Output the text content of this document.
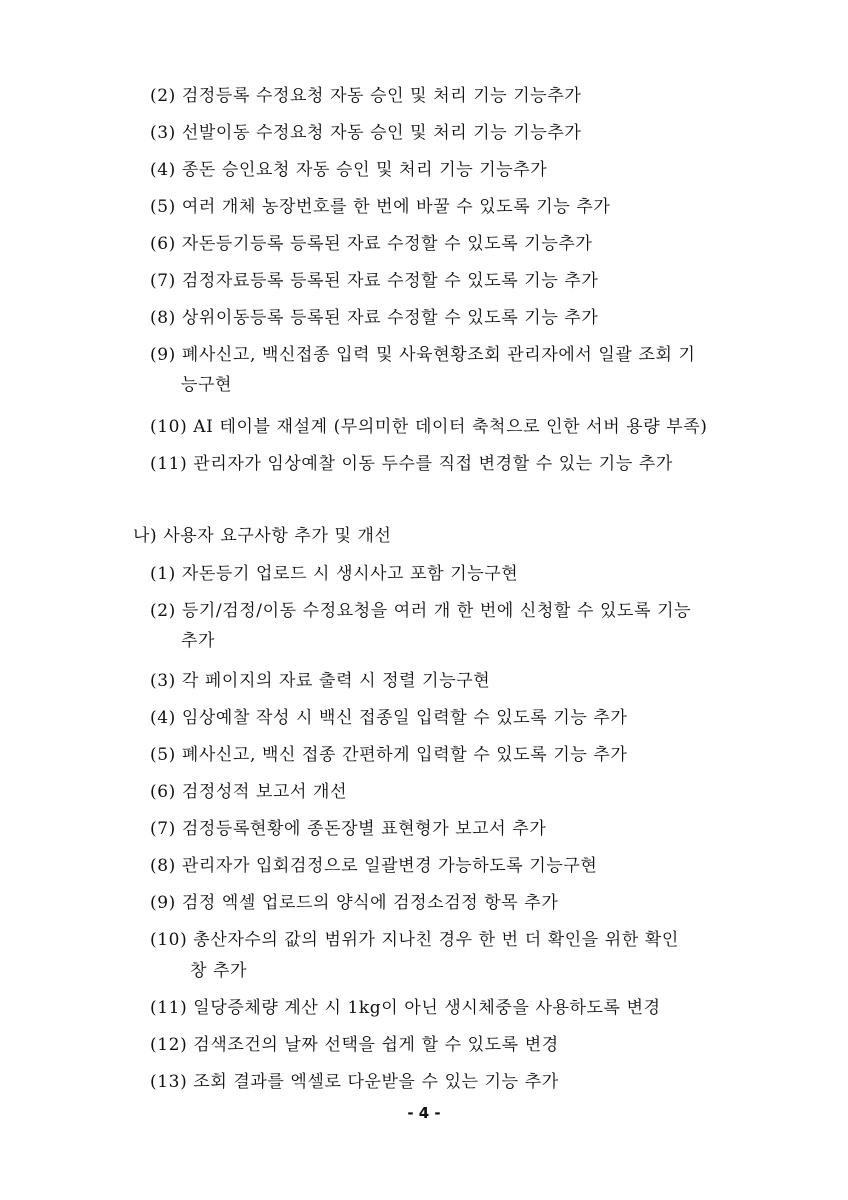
(2) 검정등록 수정요청 자동 승인 및 처리 기능 기능추가
(3) 선발이동 수정요청 자동 승인 및 처리 기능 기능추가
(4) 종돈 승인요청 자동 승인 및 처리 기능 기능추가
(5) 여러 개체 농장번호를 한 번에 바꿀 수 있도록 기능 추가
(6) 자돈등기등록 등록된 자료 수정할 수 있도록 기능추가
(7) 검정자료등록 등록된 자료 수정할 수 있도록 기능 추가
(8) 상위이동등록 등록된 자료 수정할 수 있도록 기능 추가
(9) 폐사신고, 백신접종 입력 및 사육현황조회 관리자에서 일괄 조회 기
능구현
(10) AI 테이블 재설계 (무의미한 데이터 축척으로 인한 서버 용량 부족)
(11) 관리자가 임상예찰 이동 두수를 직접 변경할 수 있는 기능 추가
나) 사용자 요구사항 추가 및 개선
(1) 자돈등기 업로드 시 생시사고 포함 기능구현
(2) 등기/검정/이동 수정요청을 여러 개 한 번에 신청할 수 있도록 기능
추가
(3) 각 페이지의 자료 출력 시 정렬 기능구현
(4) 임상예찰 작성 시 백신 접종일 입력할 수 있도록 기능 추가
(5) 폐사신고, 백신 접종 간편하게 입력할 수 있도록 기능 추가
(6) 검정성적 보고서 개선
(7) 검정등록현황에 종돈장별 표현형가 보고서 추가
(8) 관리자가 입회검정으로 일괄변경 가능하도록 기능구현
(9) 검정 엑셀 업로드의 양식에 검정소검정 항목 추가
(10) 총산자수의 값의 범위가 지나친 경우 한 번 더 확인을 위한 확인
창 추가
(11) 일당증체량 계산 시 1kg이 아닌 생시체중을 사용하도록 변경
(12) 검색조건의 날짜 선택을 쉽게 할 수 있도록 변경
(13) 조회 결과를 엑셀로 다운받을 수 있는 기능 추가
- 4 -
